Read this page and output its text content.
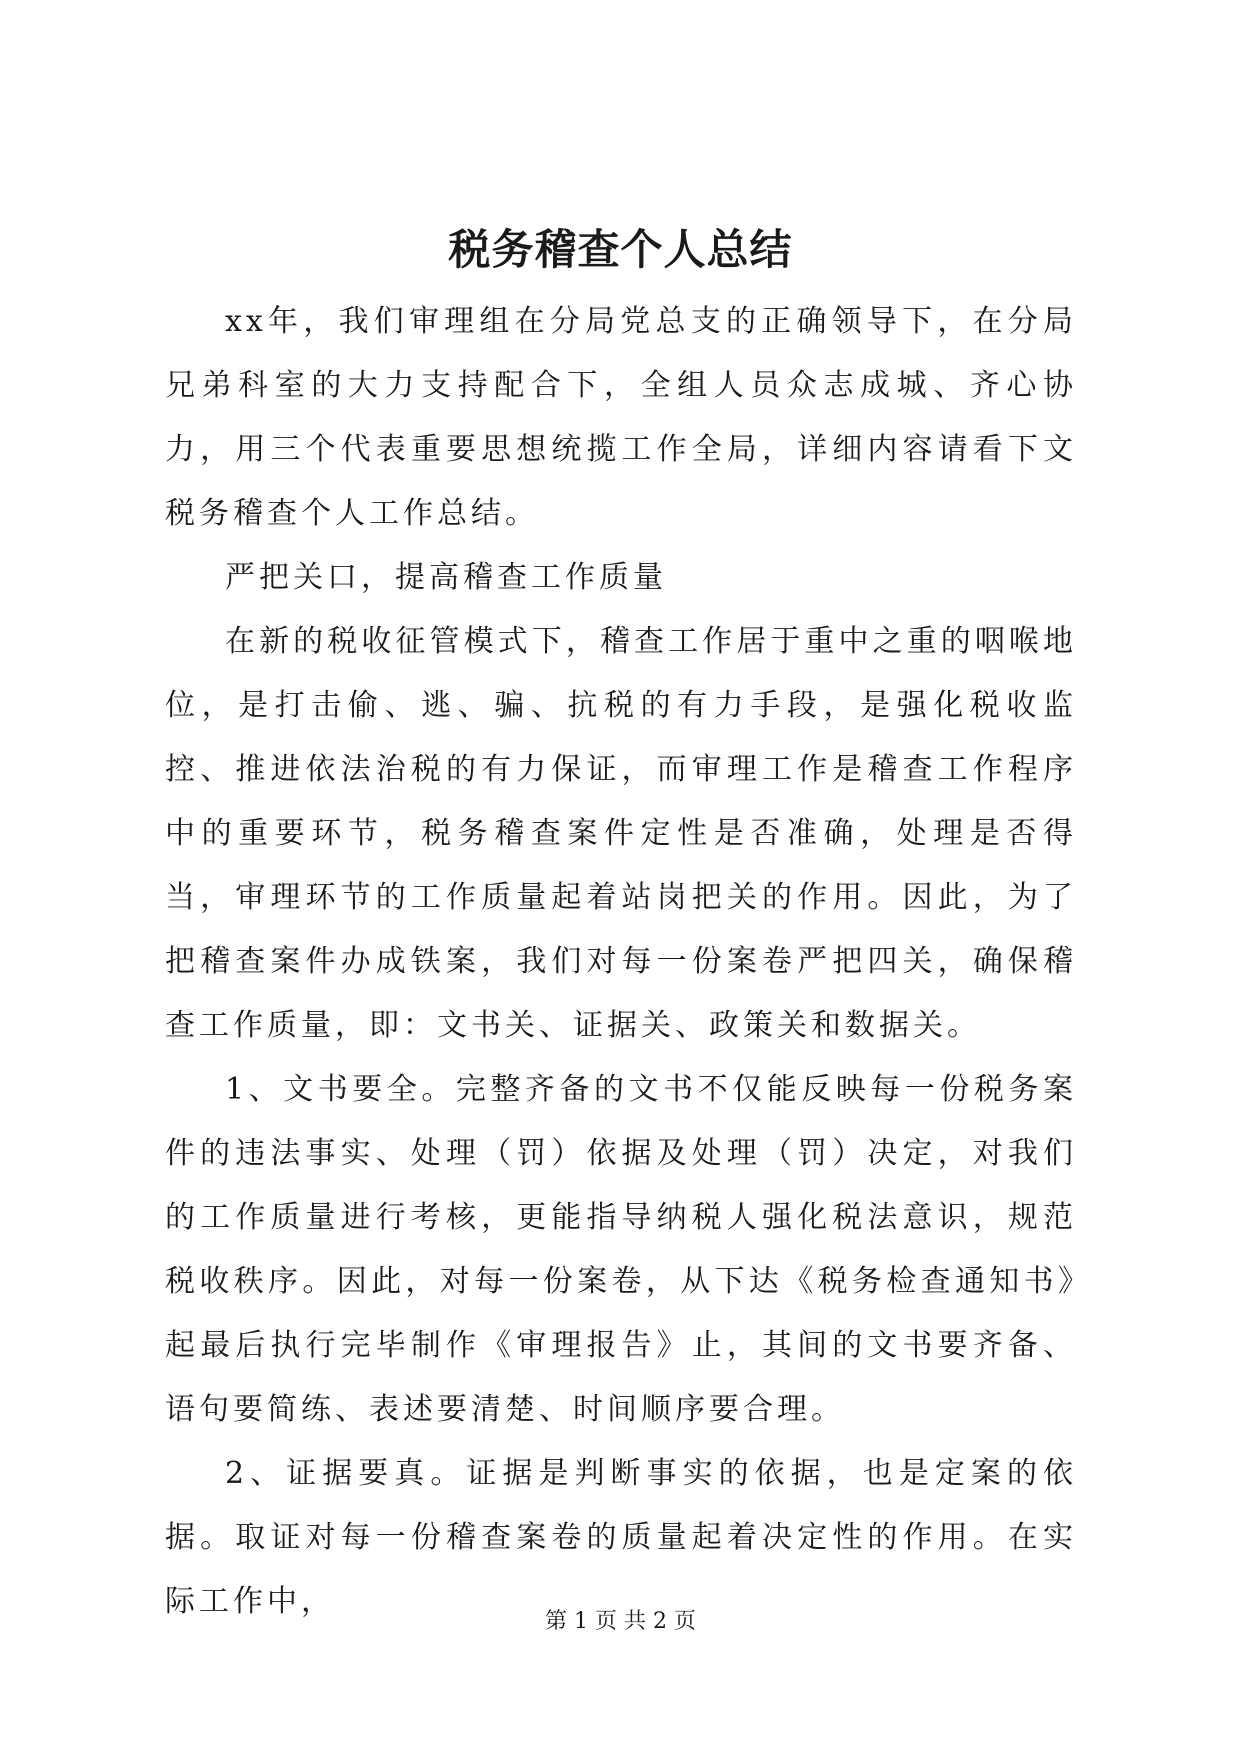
税务稽查个人总结

xx年，我们审理组在分局党总支的正确领导下，在分局兄弟科室的大力支持配合下，全组人员众志成城、齐心协力，用三个代表重要思想统揽工作全局，详细内容请看下文税务稽查个人工作总结。

严把关口，提高稽查工作质量

在新的税收征管模式下，稽查工作居于重中之重的咽喉地位，是打击偷、逃、骗、抗税的有力手段，是强化税收监控、推进依法治税的有力保证，而审理工作是稽查工作程序中的重要环节，税务稽查案件定性是否准确，处理是否得当，审理环节的工作质量起着站岗把关的作用。因此，为了把稽查案件办成铁案，我们对每一份案卷严把四关，确保稽查工作质量，即：文书关、证据关、政策关和数据关。

1、文书要全。完整齐备的文书不仅能反映每一份税务案件的违法事实、处理（罚）依据及处理（罚）决定，对我们的工作质量进行考核，更能指导纳税人强化税法意识，规范税收秩序。因此，对每一份案卷，从下达《税务检查通知书》起最后执行完毕制作《审理报告》止，其间的文书要齐备、语句要简练、表述要清楚、时间顺序要合理。

2、证据要真。证据是判断事实的依据，也是定案的依据。取证对每一份稽查案卷的质量起着决定性的作用。在实际工作中，

第 1 页 共 2 页
